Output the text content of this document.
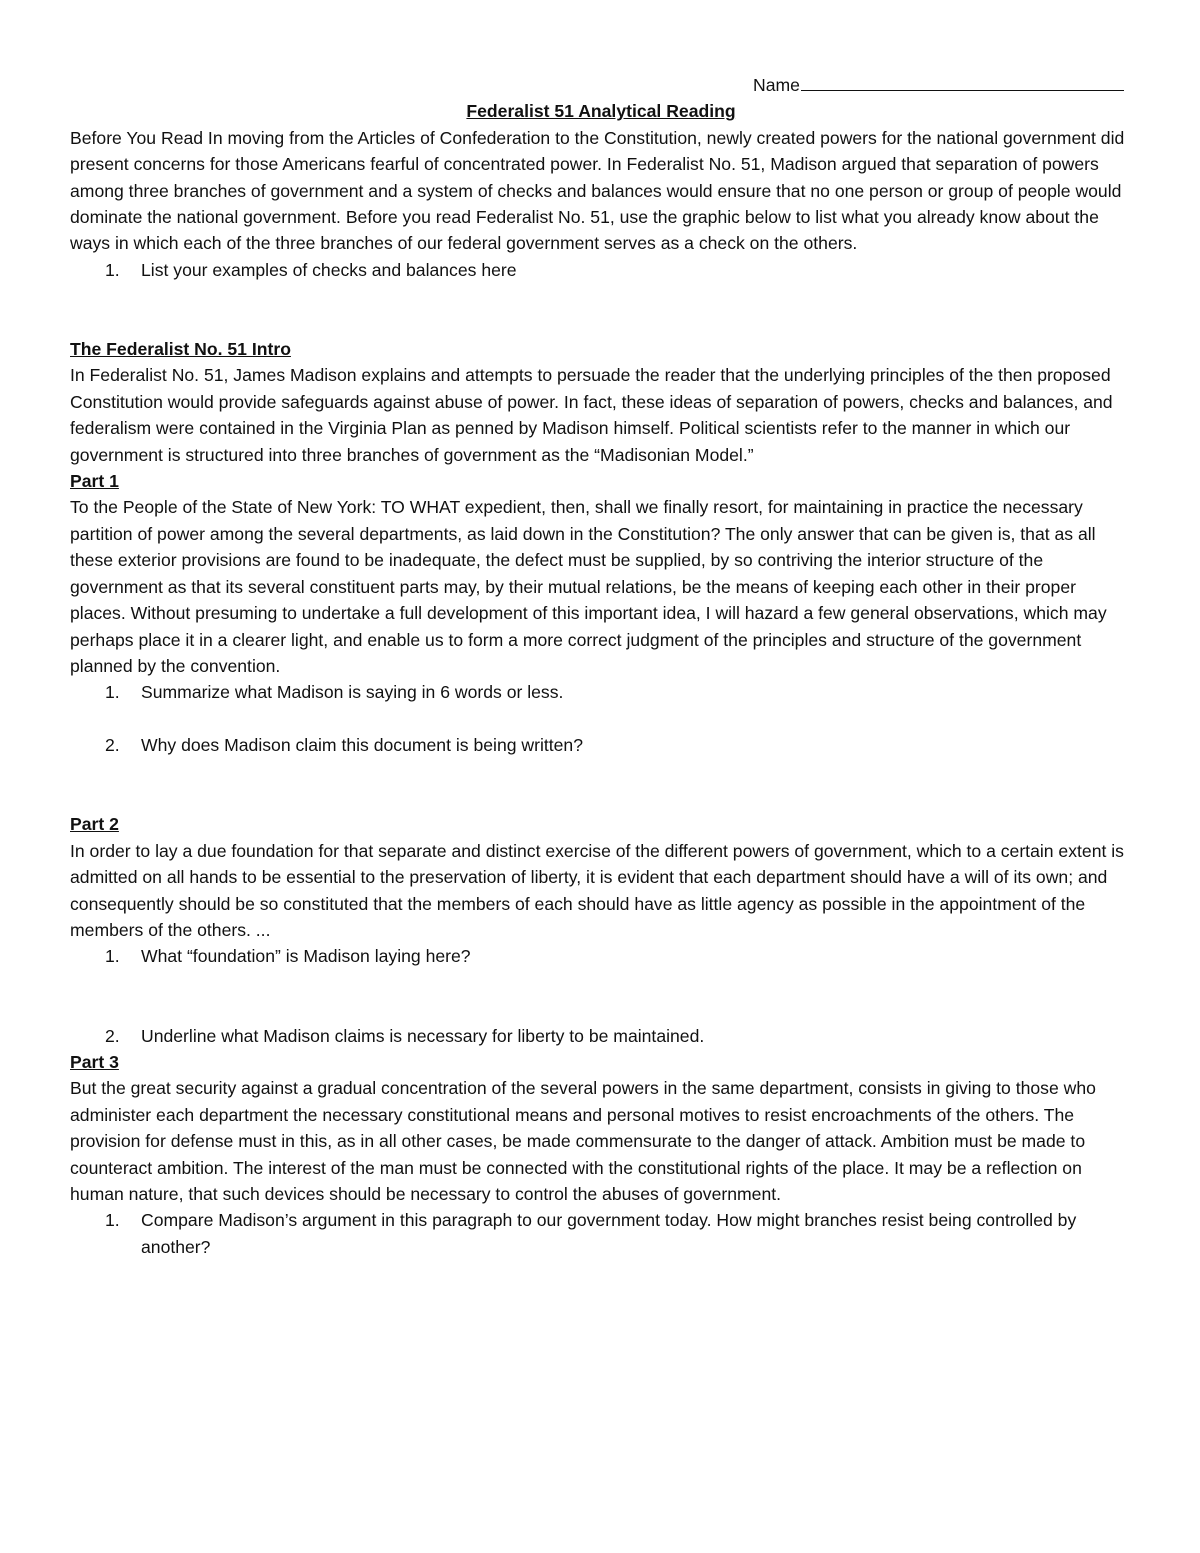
Name
Federalist 51 Analytical Reading

Before You Read In moving from the Articles of Confederation to the Constitution, newly created powers for the national government did present concerns for those Americans fearful of concentrated power. In Federalist No. 51, Madison argued that separation of powers among three branches of government and a system of checks and balances would ensure that no one person or group of people would dominate the national government. Before you read Federalist No. 51, use the graphic below to list what you already know about the ways in which each of the three branches of our federal government serves as a check on the others.

1. List your examples of checks and balances here
The Federalist No. 51 Intro

In Federalist No. 51, James Madison explains and attempts to persuade the reader that the underlying principles of the then proposed Constitution would provide safeguards against abuse of power. In fact, these ideas of separation of powers, checks and balances, and federalism were contained in the Virginia Plan as penned by Madison himself. Political scientists refer to the manner in which our government is structured into three branches of government as the “Madisonian Model.”

Part 1

To the People of the State of New York: TO WHAT expedient, then, shall we finally resort, for maintaining in practice the necessary partition of power among the several departments, as laid down in the Constitution? The only answer that can be given is, that as all these exterior provisions are found to be inadequate, the defect must be supplied, by so contriving the interior structure of the government as that its several constituent parts may, by their mutual relations, be the means of keeping each other in their proper places. Without presuming to undertake a full development of this important idea, I will hazard a few general observations, which may perhaps place it in a clearer light, and enable us to form a more correct judgment of the principles and structure of the government planned by the convention.

1. Summarize what Madison is saying in 6 words or less.
2. Why does Madison claim this document is being written?
Part 2

In order to lay a due foundation for that separate and distinct exercise of the different powers of government, which to a certain extent is admitted on all hands to be essential to the preservation of liberty, it is evident that each department should have a will of its own; and consequently should be so constituted that the members of each should have as little agency as possible in the appointment of the members of the others. ...

1. What “foundation” is Madison laying here?
2. Underline what Madison claims is necessary for liberty to be maintained.
Part 3

But the great security against a gradual concentration of the several powers in the same department, consists in giving to those who administer each department the necessary constitutional means and personal motives to resist encroachments of the others. The provision for defense must in this, as in all other cases, be made commensurate to the danger of attack. Ambition must be made to counteract ambition. The interest of the man must be connected with the constitutional rights of the place. It may be a reflection on human nature, that such devices should be necessary to control the abuses of government.

1. Compare Madison’s argument in this paragraph to our government today. How might branches resist being controlled by another?
